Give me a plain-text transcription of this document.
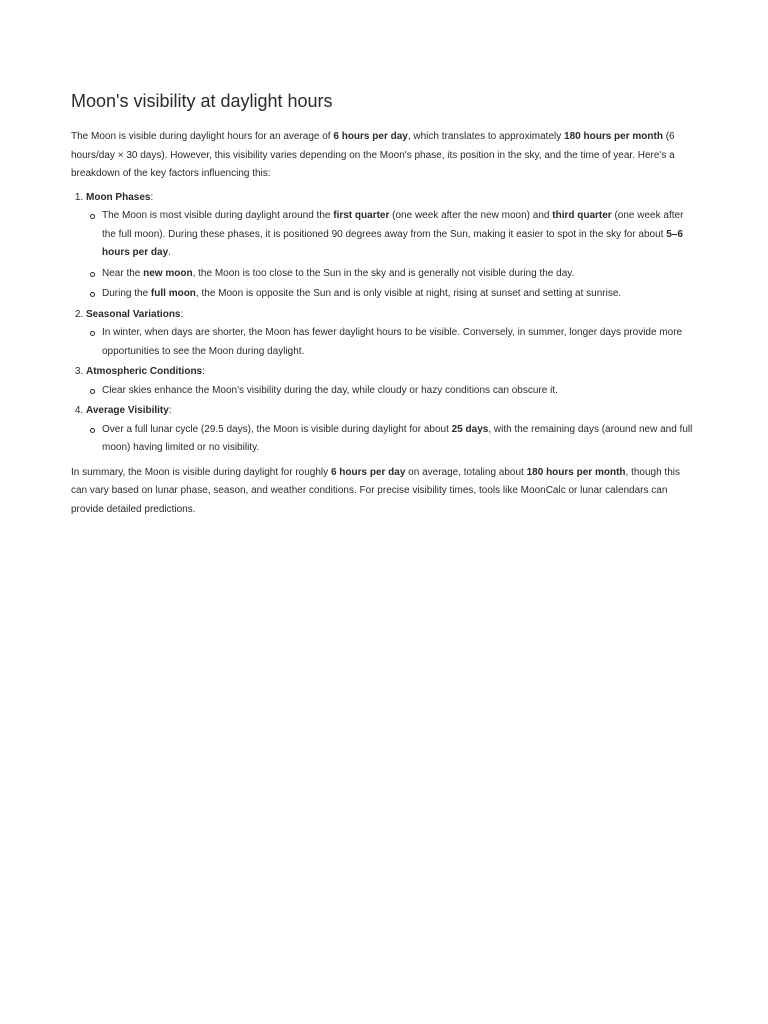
Moon's visibility at daylight hours

The Moon is visible during daylight hours for an average of 6 hours per day, which translates to approximately 180 hours per month (6 hours/day × 30 days). However, this visibility varies depending on the Moon's phase, its position in the sky, and the time of year. Here's a breakdown of the key factors influencing this:

1. Moon Phases:
The Moon is most visible during daylight around the first quarter (one week after the new moon) and third quarter (one week after the full moon). During these phases, it is positioned 90 degrees away from the Sun, making it easier to spot in the sky for about 5–6 hours per day.
Near the new moon, the Moon is too close to the Sun in the sky and is generally not visible during the day.
During the full moon, the Moon is opposite the Sun and is only visible at night, rising at sunset and setting at sunrise.
2. Seasonal Variations:
In winter, when days are shorter, the Moon has fewer daylight hours to be visible. Conversely, in summer, longer days provide more opportunities to see the Moon during daylight.
3. Atmospheric Conditions:
Clear skies enhance the Moon's visibility during the day, while cloudy or hazy conditions can obscure it.
4. Average Visibility:
Over a full lunar cycle (29.5 days), the Moon is visible during daylight for about 25 days, with the remaining days (around new and full moon) having limited or no visibility.

In summary, the Moon is visible during daylight for roughly 6 hours per day on average, totaling about 180 hours per month, though this can vary based on lunar phase, season, and weather conditions. For precise visibility times, tools like MoonCalc or lunar calendars can provide detailed predictions.
